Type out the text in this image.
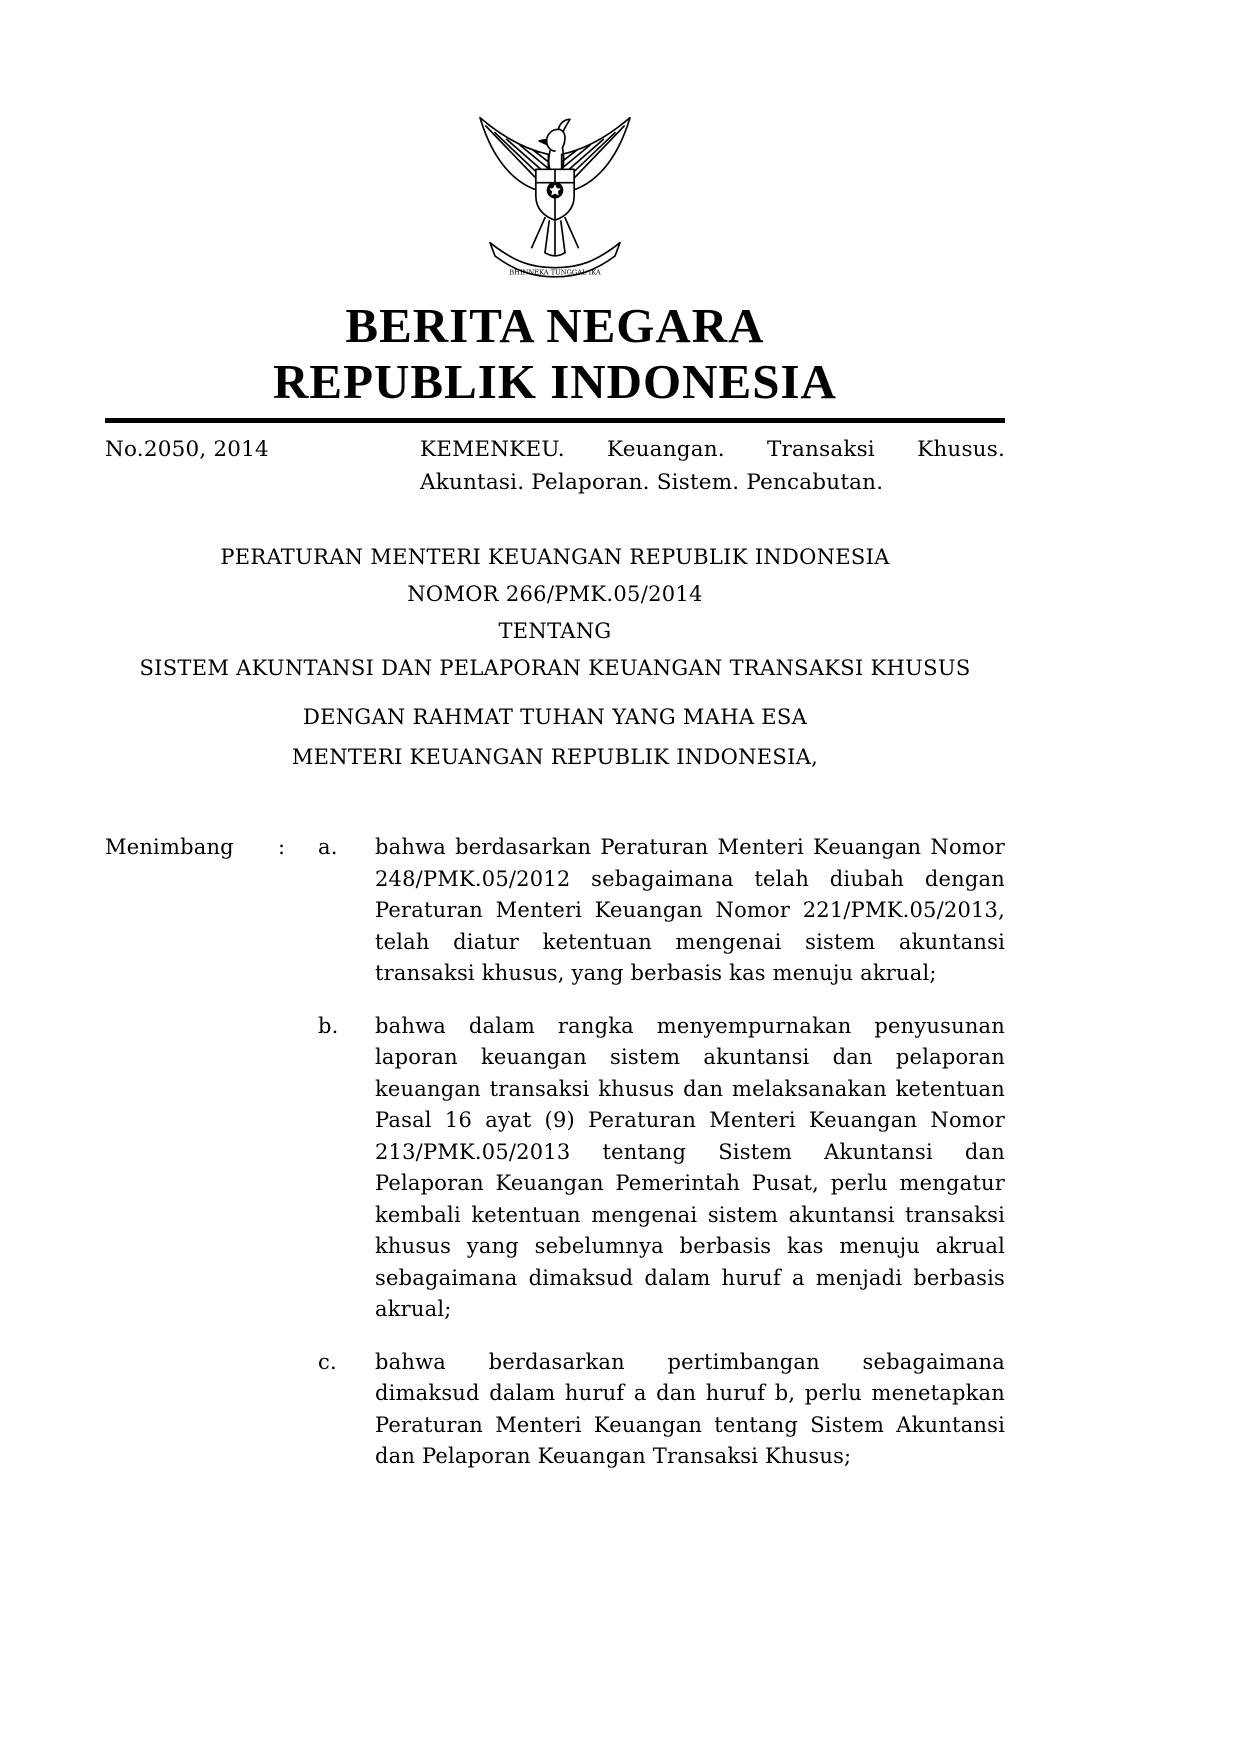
BHINNEKA TUNGGAL IKA
BERITA NEGARA
REPUBLIK INDONESIA
No.2050, 2014	KEMENKEU. Keuangan. Transaksi Khusus.
Akuntasi. Pelaporan. Sistem. Pencabutan.
PERATURAN MENTERI KEUANGAN REPUBLIK INDONESIA
NOMOR 266/PMK.05/2014
TENTANG
SISTEM AKUNTANSI DAN PELAPORAN KEUANGAN TRANSAKSI KHUSUS
DENGAN RAHMAT TUHAN YANG MAHA ESA
MENTERI KEUANGAN REPUBLIK INDONESIA,
Menimbang	:	a.	bahwa berdasarkan Peraturan Menteri Keuangan Nomor 248/PMK.05/2012 sebagaimana telah diubah dengan Peraturan Menteri Keuangan Nomor 221/PMK.05/2013, telah diatur ketentuan mengenai sistem akuntansi transaksi khusus, yang berbasis kas menuju akrual;
b.	bahwa dalam rangka menyempurnakan penyusunan laporan keuangan sistem akuntansi dan pelaporan keuangan transaksi khusus dan melaksanakan ketentuan Pasal 16 ayat (9) Peraturan Menteri Keuangan Nomor 213/PMK.05/2013 tentang Sistem Akuntansi dan Pelaporan Keuangan Pemerintah Pusat, perlu mengatur kembali ketentuan mengenai sistem akuntansi transaksi khusus yang sebelumnya berbasis kas menuju akrual sebagaimana dimaksud dalam huruf a menjadi berbasis akrual;
c.	bahwa berdasarkan pertimbangan sebagaimana dimaksud dalam huruf a dan huruf b, perlu menetapkan Peraturan Menteri Keuangan tentang Sistem Akuntansi dan Pelaporan Keuangan Transaksi Khusus;
